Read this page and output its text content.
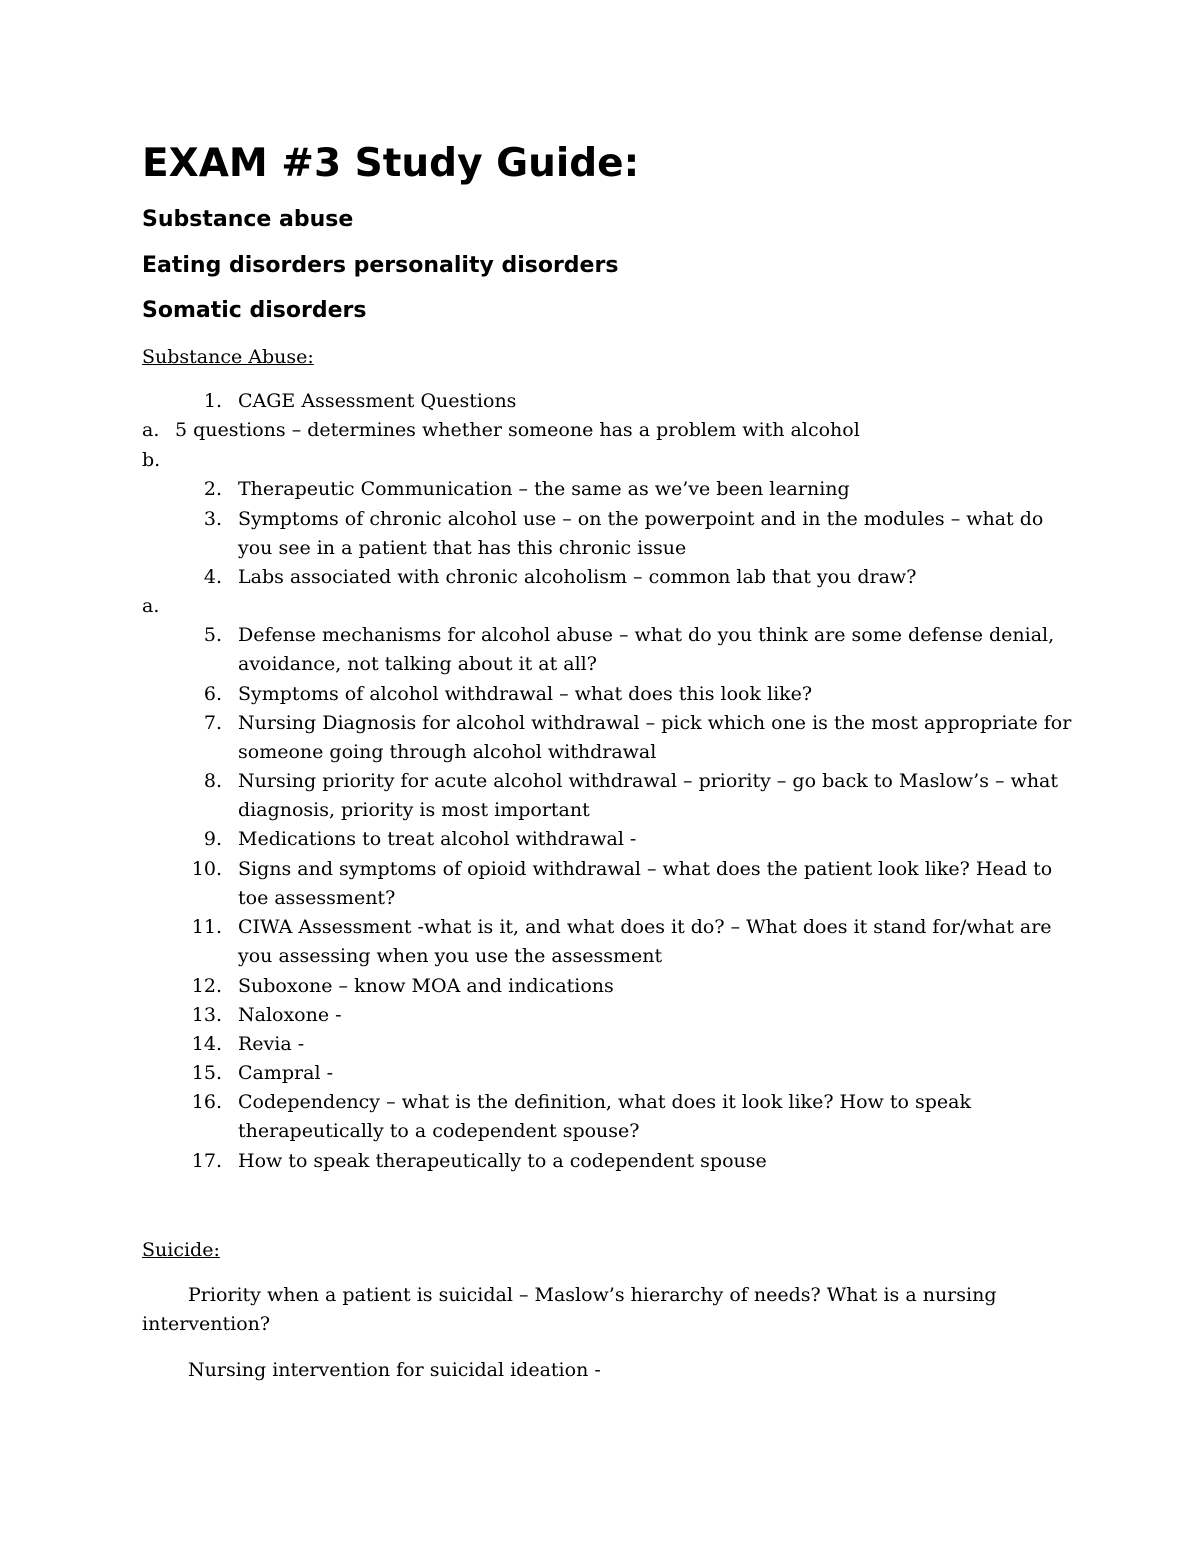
EXAM #3 Study Guide:
Substance abuse
Eating disorders personality disorders
Somatic disorders
Substance Abuse:
1. CAGE Assessment Questions
a. 5 questions – determines whether someone has a problem with alcohol
b.
2. Therapeutic Communication – the same as we’ve been learning
3. Symptoms of chronic alcohol use – on the powerpoint and in the modules – what do you see in a patient that has this chronic issue
4. Labs associated with chronic alcoholism – common lab that you draw?
a.
5. Defense mechanisms for alcohol abuse – what do you think are some defense denial, avoidance, not talking about it at all?
6. Symptoms of alcohol withdrawal – what does this look like?
7. Nursing Diagnosis for alcohol withdrawal – pick which one is the most appropriate for someone going through alcohol withdrawal
8. Nursing priority for acute alcohol withdrawal – priority – go back to Maslow’s – what diagnosis, priority is most important
9. Medications to treat alcohol withdrawal -
10. Signs and symptoms of opioid withdrawal – what does the patient look like? Head to toe assessment?
11. CIWA Assessment -what is it, and what does it do? – What does it stand for/what are you assessing when you use the assessment
12. Suboxone – know MOA and indications
13. Naloxone -
14. Revia -
15. Campral -
16. Codependency – what is the definition, what does it look like? How to speak therapeutically to a codependent spouse?
17. How to speak therapeutically to a codependent spouse
Suicide:

Priority when a patient is suicidal – Maslow’s hierarchy of needs? What is a nursing intervention?

Nursing intervention for suicidal ideation -
